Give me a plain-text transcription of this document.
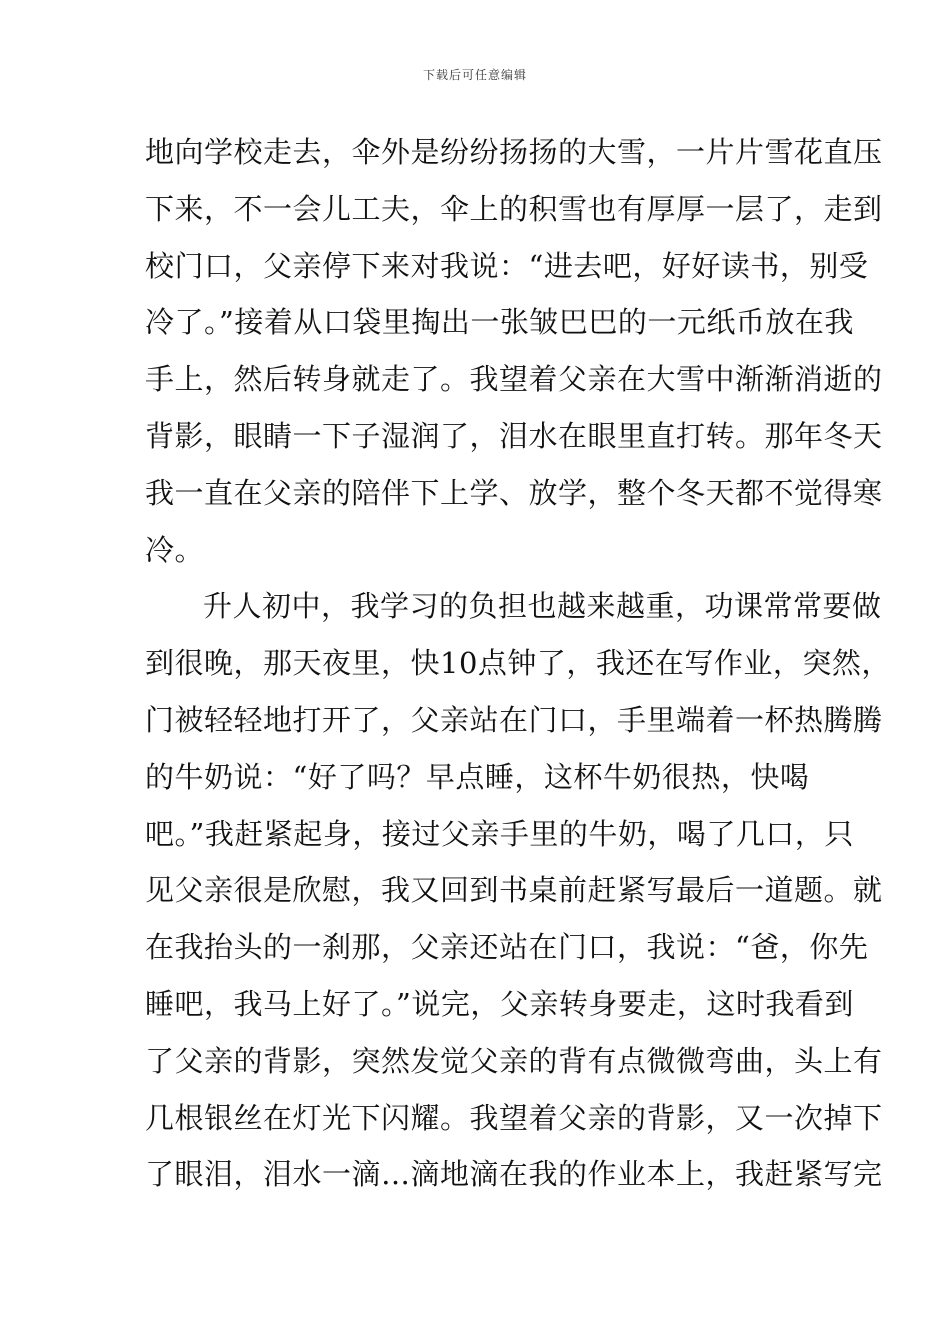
下载后可任意编辑
地向学校走去，伞外是纷纷扬扬的大雪，一片片雪花直压
下来，不一会儿工夫，伞上的积雪也有厚厚一层了，走到
校门口，父亲停下来对我说：“进去吧，好好读书，别受
冷了。”接着从口袋里掏出一张皱巴巴的一元纸币放在我
手上，然后转身就走了。我望着父亲在大雪中渐渐消逝的
背影，眼睛一下子湿润了，泪水在眼里直打转。那年冬天
我一直在父亲的陪伴下上学、放学，整个冬天都不觉得寒
冷。
升人初中，我学习的负担也越来越重，功课常常要做
到很晚，那天夜里，快10点钟了，我还在写作业，突然，
门被轻轻地打开了，父亲站在门口，手里端着一杯热腾腾
的牛奶说：“好了吗？早点睡，这杯牛奶很热，快喝
吧。”我赶紧起身，接过父亲手里的牛奶，喝了几口，只
见父亲很是欣慰，我又回到书桌前赶紧写最后一道题。就
在我抬头的一刹那，父亲还站在门口，我说：“爸，你先
睡吧，我马上好了。”说完，父亲转身要走，这时我看到
了父亲的背影，突然发觉父亲的背有点微微弯曲，头上有
几根银丝在灯光下闪耀。我望着父亲的背影，又一次掉下
了眼泪，泪水一滴…滴地滴在我的作业本上，我赶紧写完
